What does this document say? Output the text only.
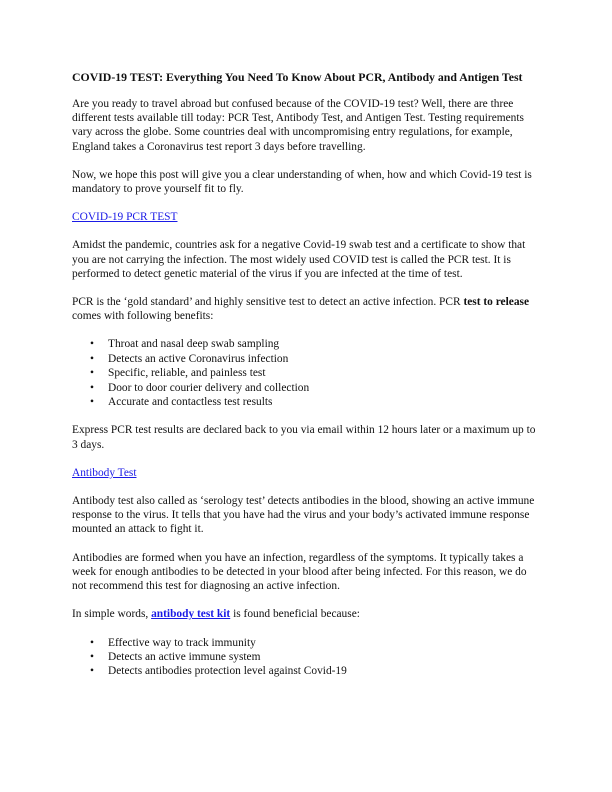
COVID-19 TEST: Everything You Need To Know About PCR, Antibody and Antigen Test

Are you ready to travel abroad but confused because of the COVID-19 test? Well, there are three different tests available till today: PCR Test, Antibody Test, and Antigen Test. Testing requirements vary across the globe. Some countries deal with uncompromising entry regulations, for example, England takes a Coronavirus test report 3 days before travelling.

Now, we hope this post will give you a clear understanding of when, how and which Covid-19 test is mandatory to prove yourself fit to fly.

COVID-19 PCR TEST

Amidst the pandemic, countries ask for a negative Covid-19 swab test and a certificate to show that you are not carrying the infection. The most widely used COVID test is called the PCR test. It is performed to detect genetic material of the virus if you are infected at the time of test.

PCR is the ‘gold standard’ and highly sensitive test to detect an active infection. PCR test to release comes with following benefits:

• Throat and nasal deep swab sampling
• Detects an active Coronavirus infection
• Specific, reliable, and painless test
• Door to door courier delivery and collection
• Accurate and contactless test results

Express PCR test results are declared back to you via email within 12 hours later or a maximum up to 3 days.

Antibody Test

Antibody test also called as ‘serology test’ detects antibodies in the blood, showing an active immune response to the virus. It tells that you have had the virus and your body’s activated immune response mounted an attack to fight it.

Antibodies are formed when you have an infection, regardless of the symptoms. It typically takes a week for enough antibodies to be detected in your blood after being infected. For this reason, we do not recommend this test for diagnosing an active infection.

In simple words, antibody test kit is found beneficial because:

• Effective way to track immunity
• Detects an active immune system
• Detects antibodies protection level against Covid-19
